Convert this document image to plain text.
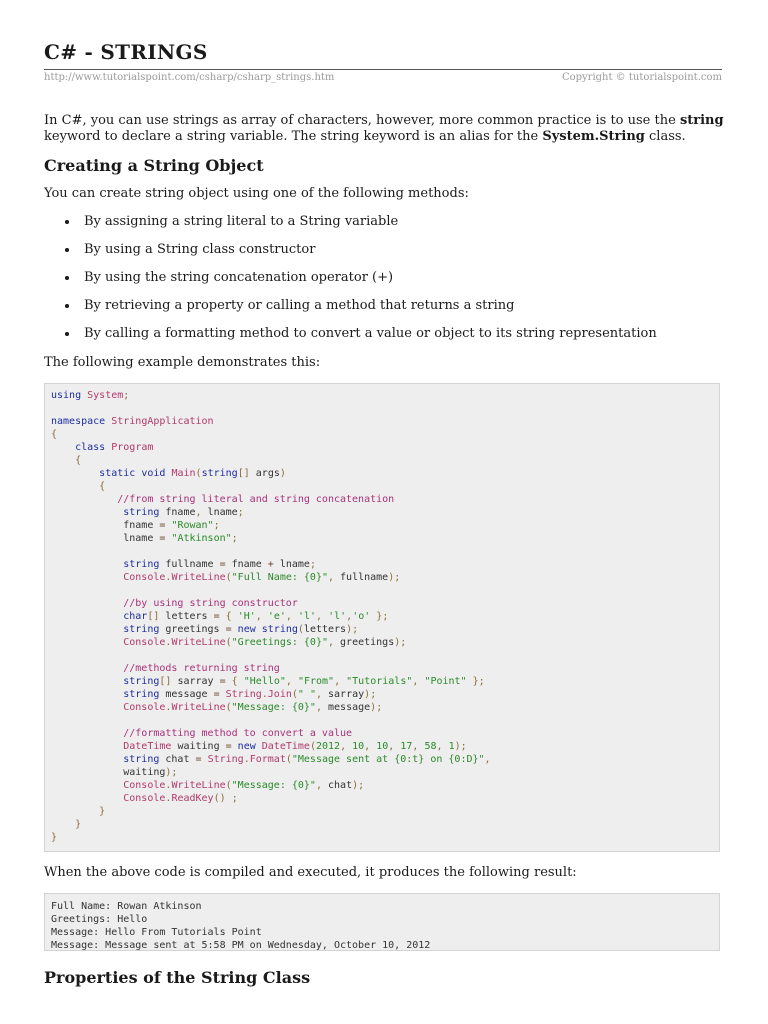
C# - STRINGS
http://www.tutorialspoint.com/csharp/csharp_strings.htm	Copyright © tutorialspoint.com

In C#, you can use strings as array of characters, however, more common practice is to use the string keyword to declare a string variable. The string keyword is an alias for the System.String class.

Creating a String Object

You can create string object using one of the following methods:

By assigning a string literal to a String variable
By using a String class constructor
By using the string concatenation operator (+)
By retrieving a property or calling a method that returns a string
By calling a formatting method to convert a value or object to its string representation

The following example demonstrates this:

using System;

namespace StringApplication
{
class Program
{
static void Main(string[] args)
{
//from string literal and string concatenation
string fname, lname;
fname = "Rowan";
lname = "Atkinson";

string fullname = fname + lname;
Console.WriteLine("Full Name: {0}", fullname);

//by using string constructor
char[] letters = { 'H', 'e', 'l', 'l','o' };
string greetings = new string(letters);
Console.WriteLine("Greetings: {0}", greetings);

//methods returning string
string[] sarray = { "Hello", "From", "Tutorials", "Point" };
string message = String.Join(" ", sarray);
Console.WriteLine("Message: {0}", message);

//formatting method to convert a value
DateTime waiting = new DateTime(2012, 10, 10, 17, 58, 1);
string chat = String.Format("Message sent at {0:t} on {0:D}",
waiting);
Console.WriteLine("Message: {0}", chat);
Console.ReadKey() ;
}
}
}

When the above code is compiled and executed, it produces the following result:

Full Name: Rowan Atkinson
Greetings: Hello
Message: Hello From Tutorials Point
Message: Message sent at 5:58 PM on Wednesday, October 10, 2012
Properties of the String Class
